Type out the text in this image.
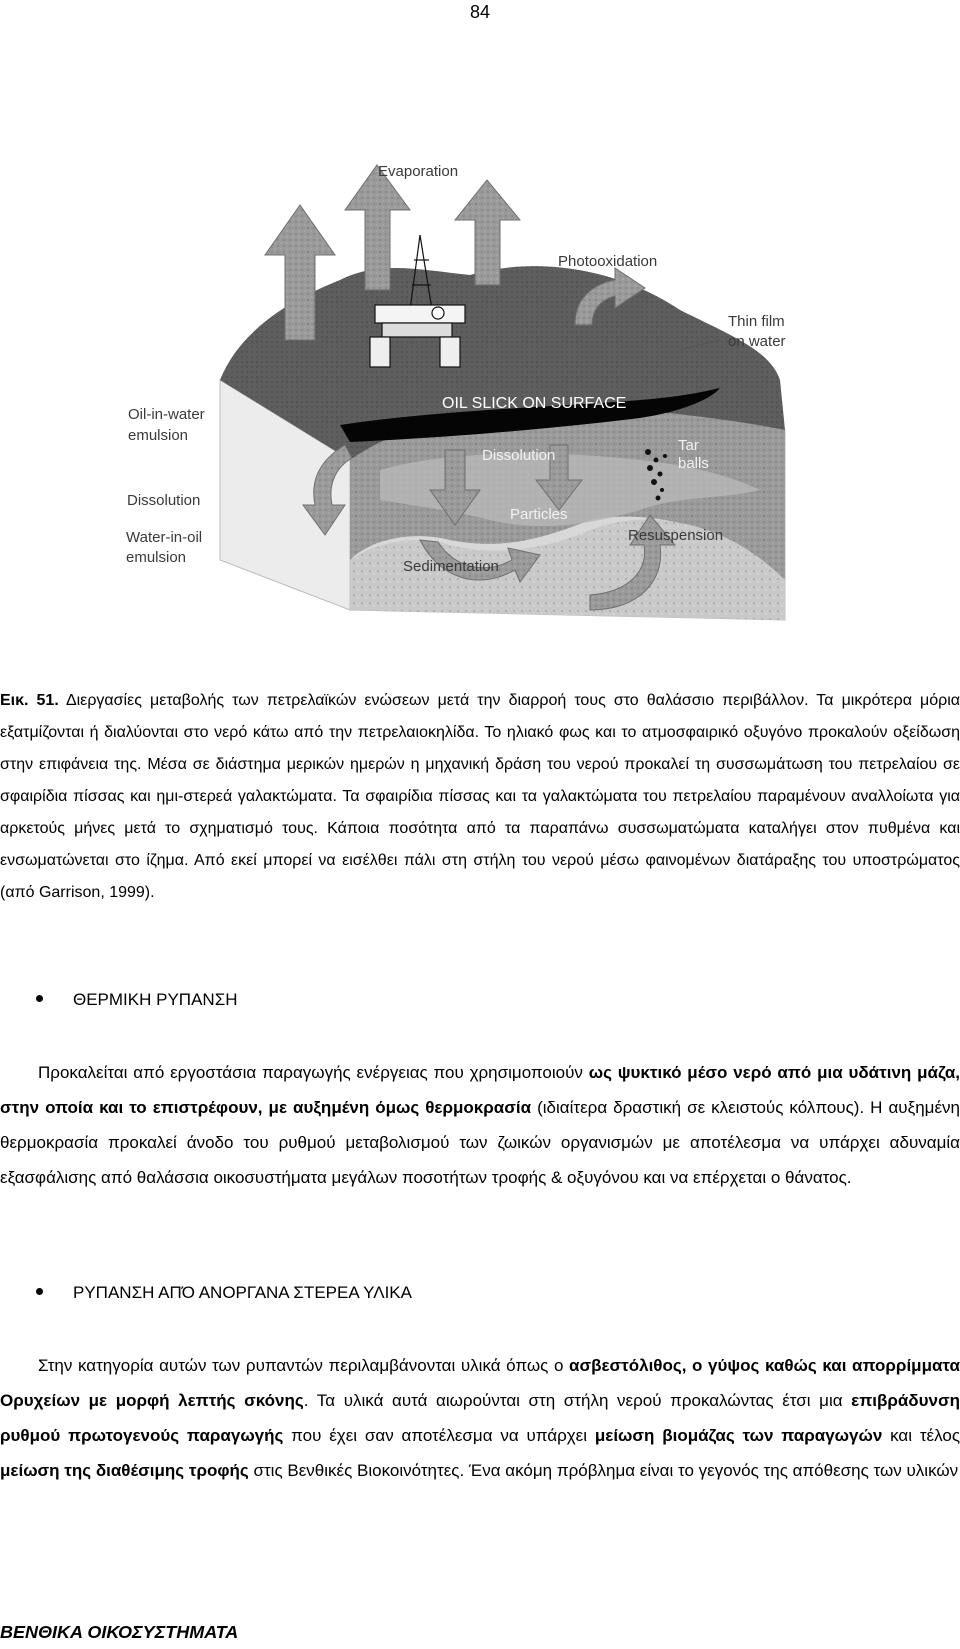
84
Evaporation
Photooxidation
Thin film
on water
OIL SLICK ON SURFACE
Oil-in-water
emulsion
Dissolution
Tar
balls
Dissolution
Particles
Water-in-oil
emulsion
Resuspension
Sedimentation
Εικ. 51. Διεργασίες μεταβολής των πετρελαϊκών ενώσεων μετά την διαρροή τους στο θαλάσσιο περιβάλλον. Τα μικρότερα μόρια εξατμίζονται ή διαλύονται στο νερό κάτω από την πετρελαιοκηλίδα. Το ηλιακό φως και το ατμοσφαιρικό οξυγόνο προκαλούν οξείδωση στην επιφάνεια της. Μέσα σε διάστημα μερικών ημερών η μηχανική δράση του νερού προκαλεί τη συσσωμάτωση του πετρελαίου σε σφαιρίδια πίσσας και ημι-στερεά γαλακτώματα. Τα σφαιρίδια πίσσας και τα γαλακτώματα του πετρελαίου παραμένουν αναλλοίωτα για αρκετούς μήνες μετά το σχηματισμό τους. Κάποια ποσότητα από τα παραπάνω συσσωματώματα καταλήγει στον πυθμένα και ενσωματώνεται στο ίζημα. Από εκεί μπορεί να εισέλθει πάλι στη στήλη του νερού μέσω φαινομένων διατάραξης του υποστρώματος (από Garrison, 1999).
ΘΕΡΜΙΚΗ ΡΥΠΑΝΣΗ
Προκαλείται από εργοστάσια παραγωγής ενέργειας που χρησιμοποιούν ως ψυκτικό μέσο νερό από μια υδάτινη μάζα, στην οποία και το επιστρέφουν, με αυξημένη όμως θερμοκρασία (ιδιαίτερα δραστική σε κλειστούς κόλπους). Η αυξημένη θερμοκρασία προκαλεί άνοδο του ρυθμού μεταβολισμού των ζωικών οργανισμών με αποτέλεσμα να υπάρχει αδυναμία εξασφάλισης από θαλάσσια οικοσυστήματα μεγάλων ποσοτήτων τροφής & οξυγόνου και να επέρχεται ο θάνατος.
ΡΥΠΑΝΣΗ ΑΠΌ ΑΝΟΡΓΑΝΑ ΣΤΕΡΕΑ ΥΛΙΚΑ
Στην κατηγορία αυτών των ρυπαντών περιλαμβάνονται υλικά όπως ο ασβεστόλιθος, ο γύψος καθώς και απορρίμματα Ορυχείων με μορφή λεπτής σκόνης. Τα υλικά αυτά αιωρούνται στη στήλη νερού προκαλώντας έτσι μια επιβράδυνση ρυθμού πρωτογενούς παραγωγής που έχει σαν αποτέλεσμα να υπάρχει μείωση βιομάζας των παραγωγών και τέλος μείωση της διαθέσιμης τροφής στις Βενθικές Βιοκοινότητες. Ένα ακόμη πρόβλημα είναι το γεγονός της απόθεσης των υλικών
ΒΕΝΘΙΚΑ ΟΙΚΟΣΥΣΤΗΜΑΤΑ
